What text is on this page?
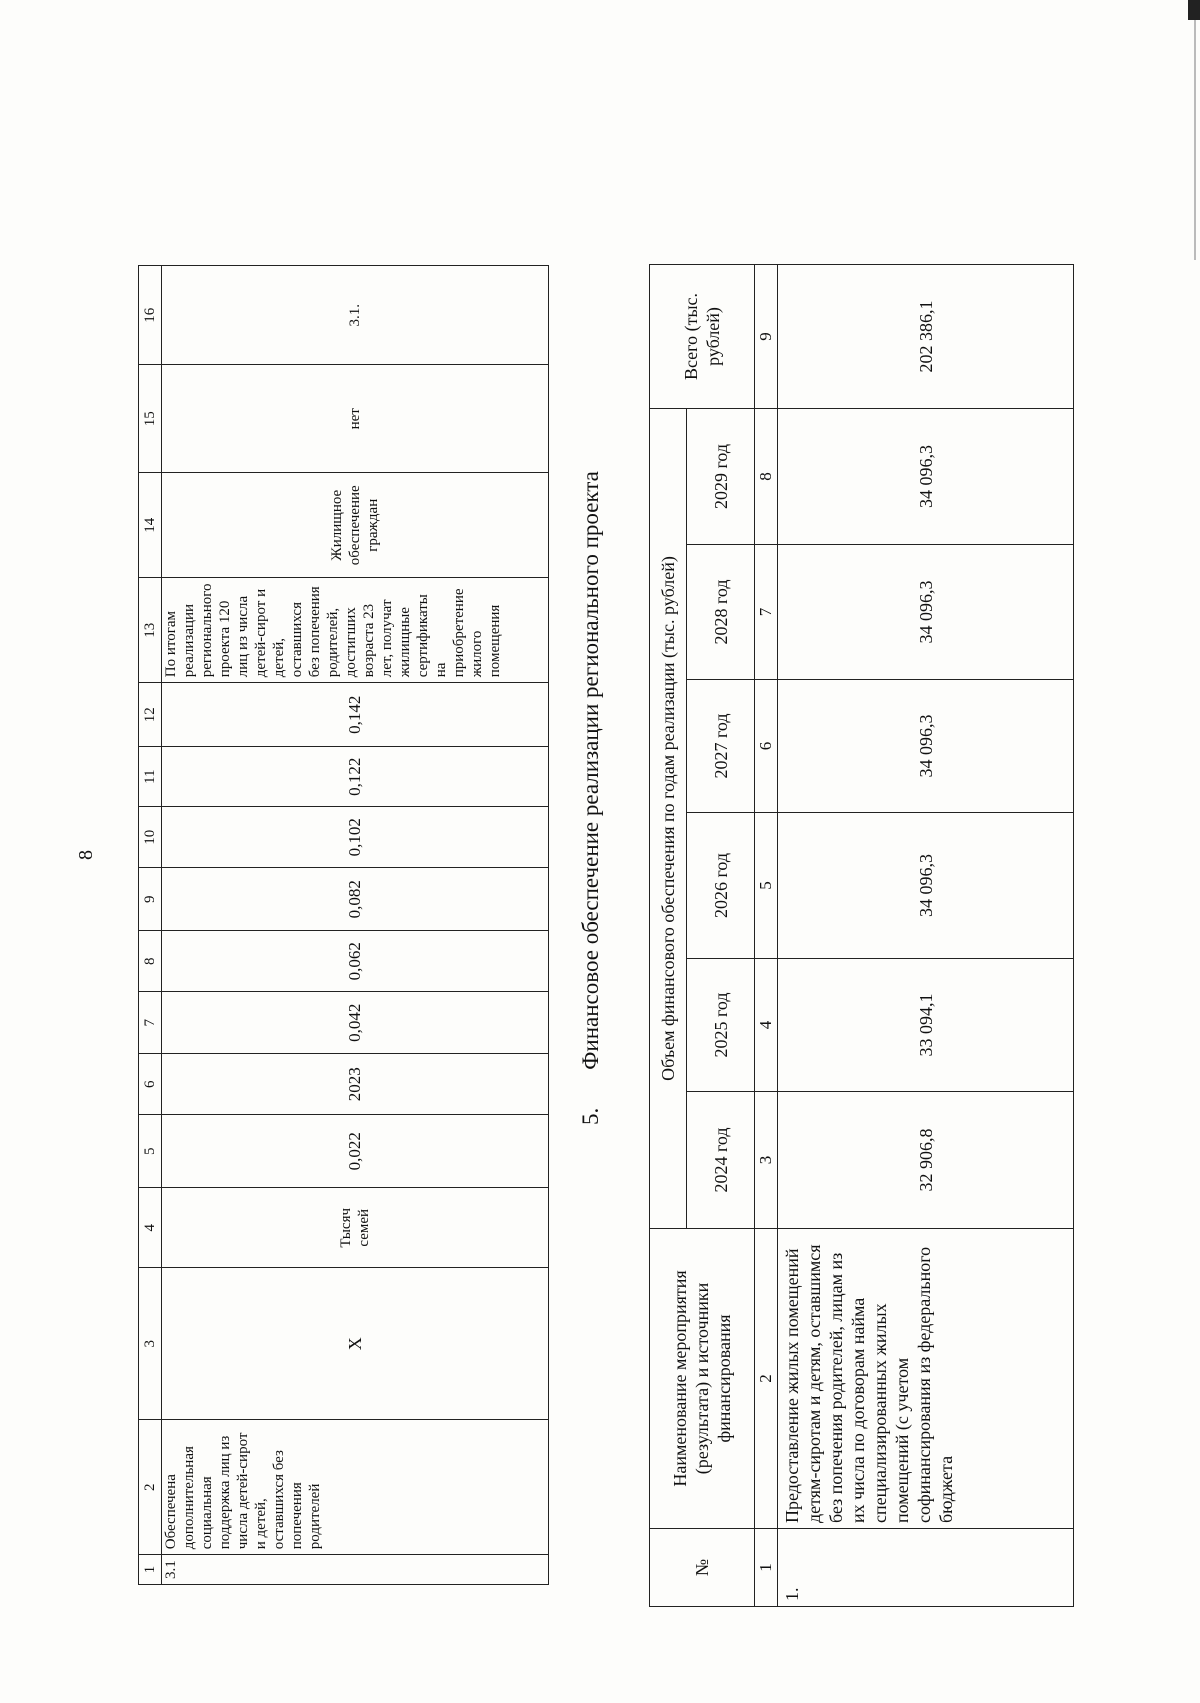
8
1	2	3	4	5	6	7	8	9	10	11	12	13	14	15	16
3.1	Обеспечена дополнительная социальная поддержка лиц из числа детей-сирот и детей, оставшихся без попечения родителей	Х	Тысяч семей	0,022	2023	0,042	0,062	0,082	0,102	0,122	0,142	По итогам реализации регионального проекта 120 лиц из числа детей-сирот и детей, оставшихся без попечения родителей, достигших возраста 23 лет, получат жилищные сертификаты на приобретение жилого помещения	Жилищное обеспечение граждан	нет	3.1.
5.Финансовое обеспечение реализации регионального проекта
№	Наименование мероприятия (результата) и источники финансирования	Объем финансового обеспечения по годам реализации (тыс. рублей)						Всего (тыс. рублей)
		2024 год	2025 год	2026 год	2027 год	2028 год	2029 год	
1	2	3	4	5	6	7	8	9
1.	Предоставление жилых помещений детям-сиротам и детям, оставшимся без попечения родителей, лицам из их числа по договорам найма специализированных жилых помещений (с учетом софинансирования из федерального бюджета	32 906,8	33 094,1	34 096,3	34 096,3	34 096,3	34 096,3	202 386,1
